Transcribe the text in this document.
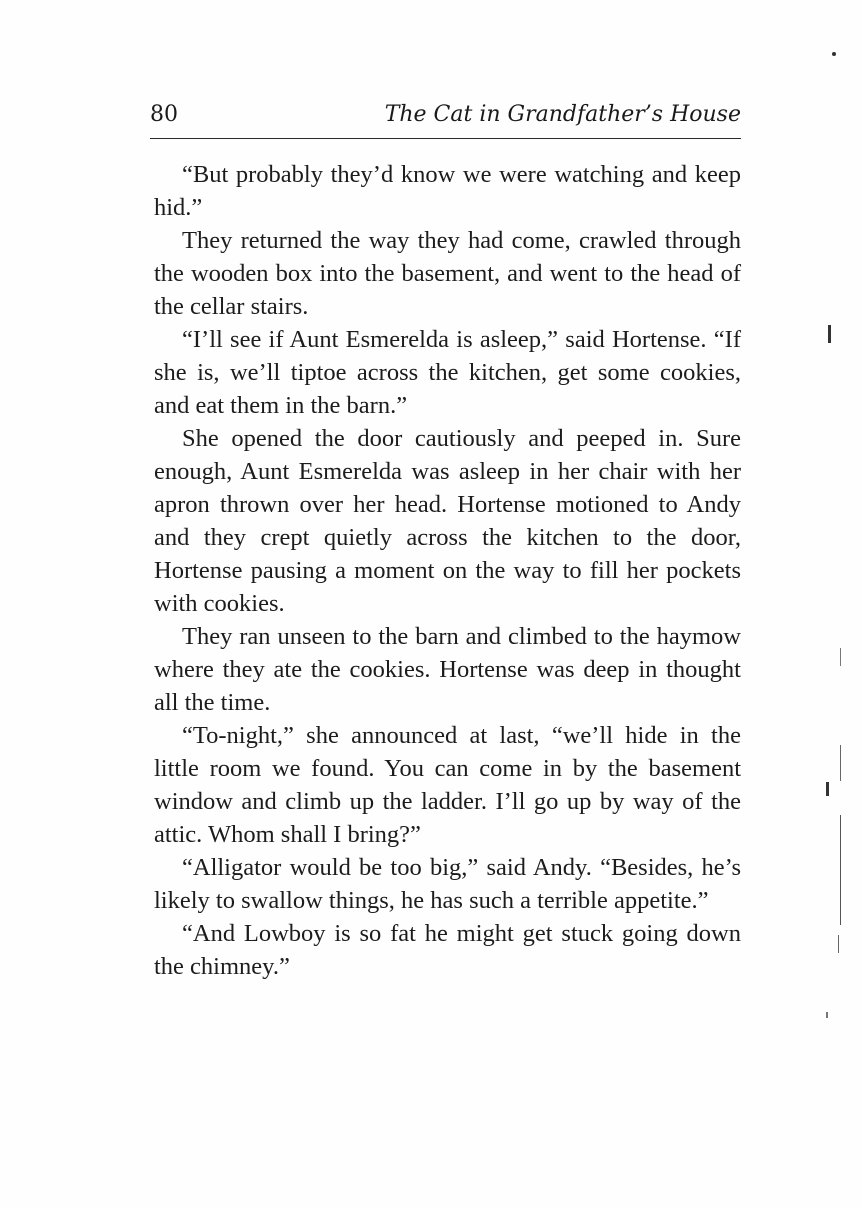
80	The Cat in Grandfather’s House

“But probably they’d know we were watching and keep hid.”

They returned the way they had come, crawled through the wooden box into the basement, and went to the head of the cellar stairs.

“I’ll see if Aunt Esmerelda is asleep,” said Hortense. “If she is, we’ll tiptoe across the kitchen, get some cookies, and eat them in the barn.”

She opened the door cautiously and peeped in. Sure enough, Aunt Esmerelda was asleep in her chair with her apron thrown over her head. Hortense motioned to Andy and they crept quietly across the kitchen to the door, Hortense pausing a moment on the way to fill her pockets with cookies.

They ran unseen to the barn and climbed to the haymow where they ate the cookies. Hortense was deep in thought all the time.

“To-night,” she announced at last, “we’ll hide in the little room we found. You can come in by the basement window and climb up the ladder. I’ll go up by way of the attic. Whom shall I bring?”

“Alligator would be too big,” said Andy. “Besides, he’s likely to swallow things, he has such a terrible appetite.”

“And Lowboy is so fat he might get stuck going down the chimney.”
